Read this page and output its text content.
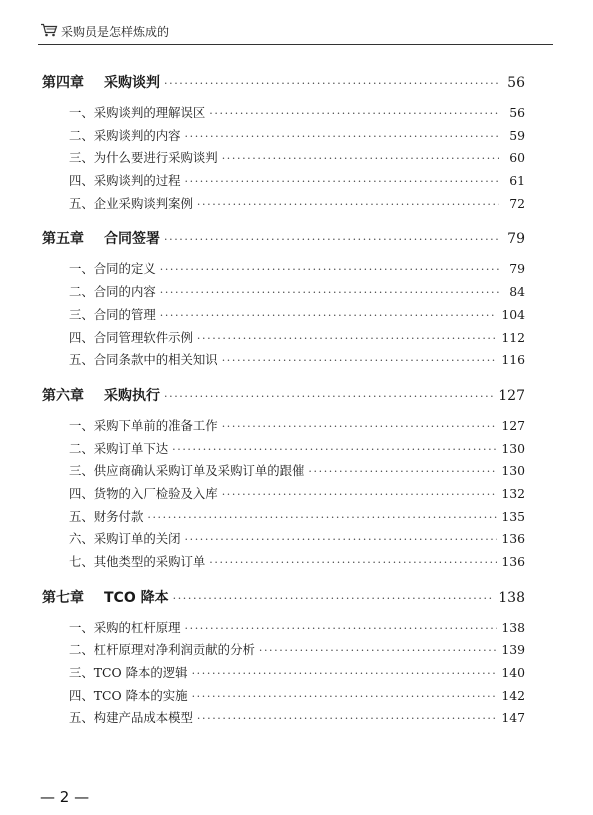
采购员是怎样炼成的
第四章 采购谈判 ·····	56
一、采购谈判的理解误区 ·····	56
二、采购谈判的内容 ·····	59
三、为什么要进行采购谈判 ·····	60
四、采购谈判的过程 ·····	61
五、企业采购谈判案例 ·····	72
第五章 合同签署 ·····	79
一、合同的定义 ·····	79
二、合同的内容 ·····	84
三、合同的管理 ·····	104
四、合同管理软件示例 ·····	112
五、合同条款中的相关知识 ·····	116
第六章 采购执行 ·····	127
一、采购下单前的准备工作 ·····	127
二、采购订单下达 ·····	130
三、供应商确认采购订单及采购订单的跟催 ·····	130
四、货物的入厂检验及入库 ·····	132
五、财务付款 ·····	135
六、采购订单的关闭 ·····	136
七、其他类型的采购订单 ·····	136
第七章 TCO 降本 ·····	138
一、采购的杠杆原理 ·····	138
二、杠杆原理对净利润贡献的分析 ·····	139
三、TCO 降本的逻辑 ·····	140
四、TCO 降本的实施 ·····	142
五、构建产品成本模型 ·····	147
— 2 —
